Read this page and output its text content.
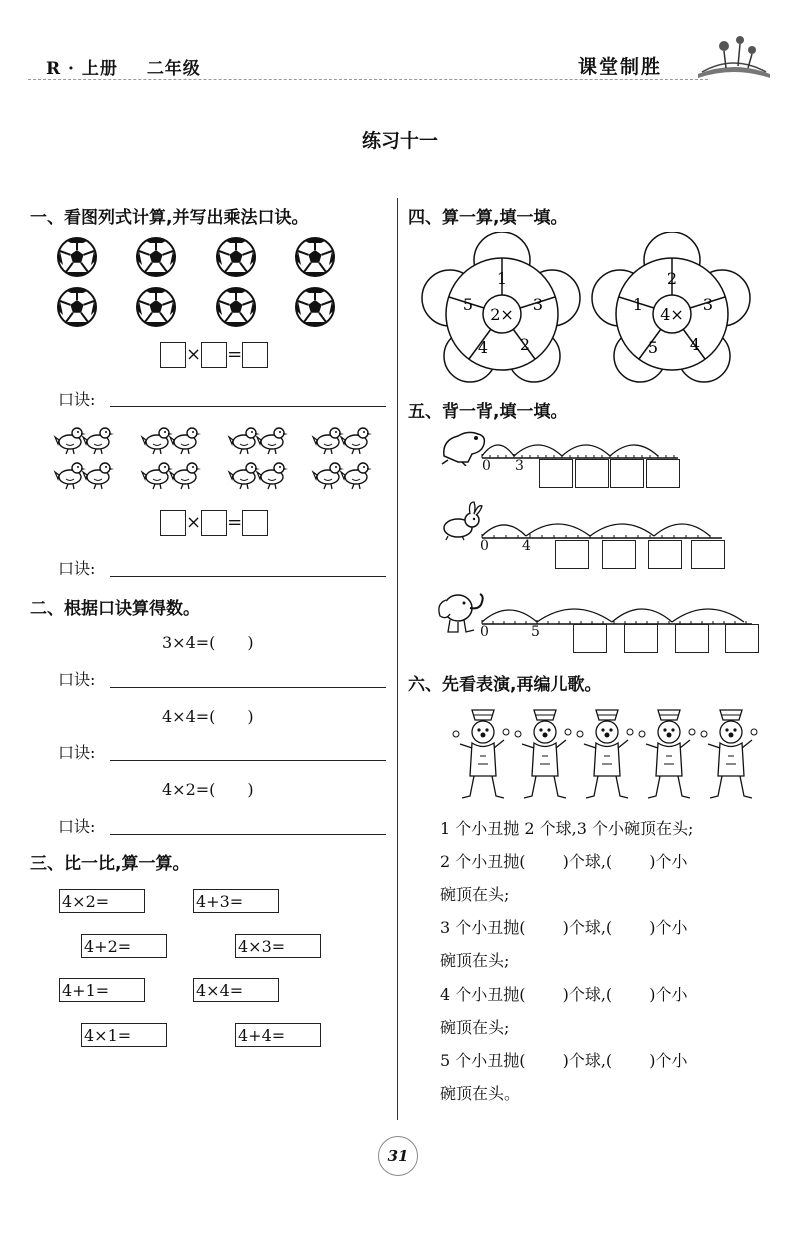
R · 上册 二年级	课堂制胜
练习十一
一、看图列式计算,并写出乘法口诀。
× =
口诀:
× =
口诀:
二、根据口诀算得数。
3×4=(　　)
口诀:
4×4=(　　)
口诀:
4×2=(　　)
口诀:
三、比一比,算一算。
4×2=	4+3=
4+2=	4×3=
4+1=	4×4=
4×1=	4+4=
四、算一算,填一填。
2×
1
3
2
4
5
4×
2
3
4
5
1
五、背一背,填一填。
0 3
0 4
0	5
六、先看表演,再编儿歌。
1 个小丑抛 2 个球,3 个小碗顶在头;
2 个小丑抛(　　 )个球,(　　 )个小
碗顶在头;
3 个小丑抛(　　 )个球,(　　 )个小
碗顶在头;
4 个小丑抛(　　 )个球,(　　 )个小
碗顶在头;
5 个小丑抛(　　 )个球,(　　 )个小
碗顶在头。
31
